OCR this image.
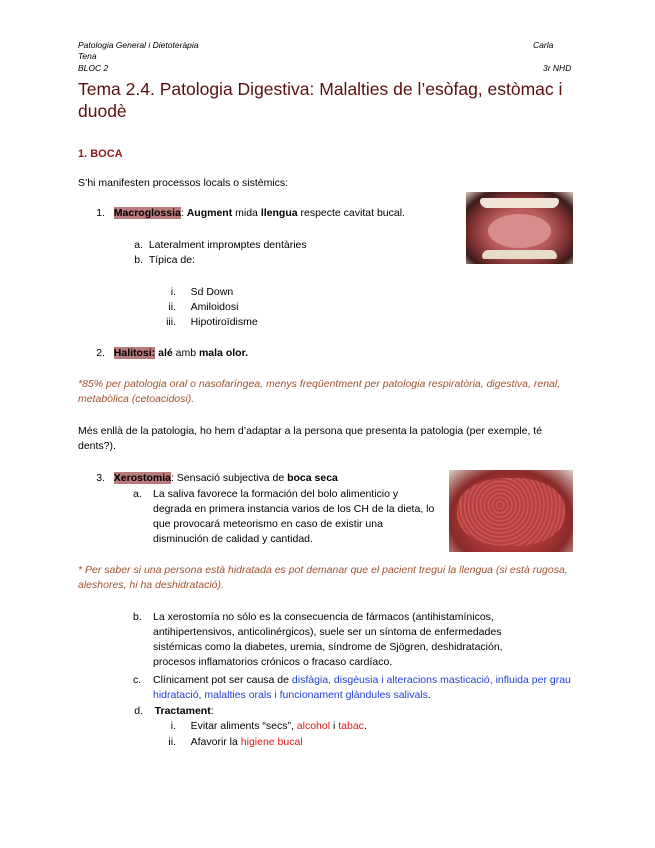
Patologia General i Dietoteràpia	Carla
Tena
BLOC 2	3r NHD
Tema 2.4. Patologia Digestiva: Malalties de l’esòfag, estòmac i duodè
1. BOCA
S’hi manifesten processos locals o sistèmics:
1. Macroglossia: Augment mida llengua respecte cavitat bucal.
a. Lateralment imprомptes dentàries
b. Típica de:
i. Sd Down
ii. Amiloidosi
iii. Hipotiroïdisme
2. Halitosi: alé amb mala olor.
*85% per patologia oral o nasofaríngea, menys freqüentment per patologia respiratòria, digestiva, renal, metabòlica (cetoacidosi).
Més enllà de la patologia, ho hem d’adaptar a la persona que presenta la patologia (per exemple, té dents?).
3. Xerostomia: Sensació subjectiva de boca seca
a. La saliva favorece la formación del bolo alimenticio y degrada en primera instancia varios de los CH de la dieta, lo que provocará meteorismo en caso de existir una disminución de calidad y cantidad.
* Per saber si una persona està hidratada es pot demanar que el pacient tregui la llengua (si està rugosa, aleshores, hi ha deshidratació).
b. La xerostomía no sólo es la consecuencia de fármacos (antihistamínicos, antihipertensivos, anticolinérgicos), suele ser un síntoma de enfermedades sistémicas como la diabetes, uremia, síndrome de Sjögren, deshidratación, procesos inflamatorios crónicos o fracaso cardíaco.
c. Clínicament pot ser causa de disfàgia, disgèusia i alteracions masticació, influida per grau hidratació, malalties orals i funcionament glàndules salivals.
d. Tractament:
i. Evitar aliments “secs”, alcohol i tabac.
ii. Afavorir la higiene bucal
